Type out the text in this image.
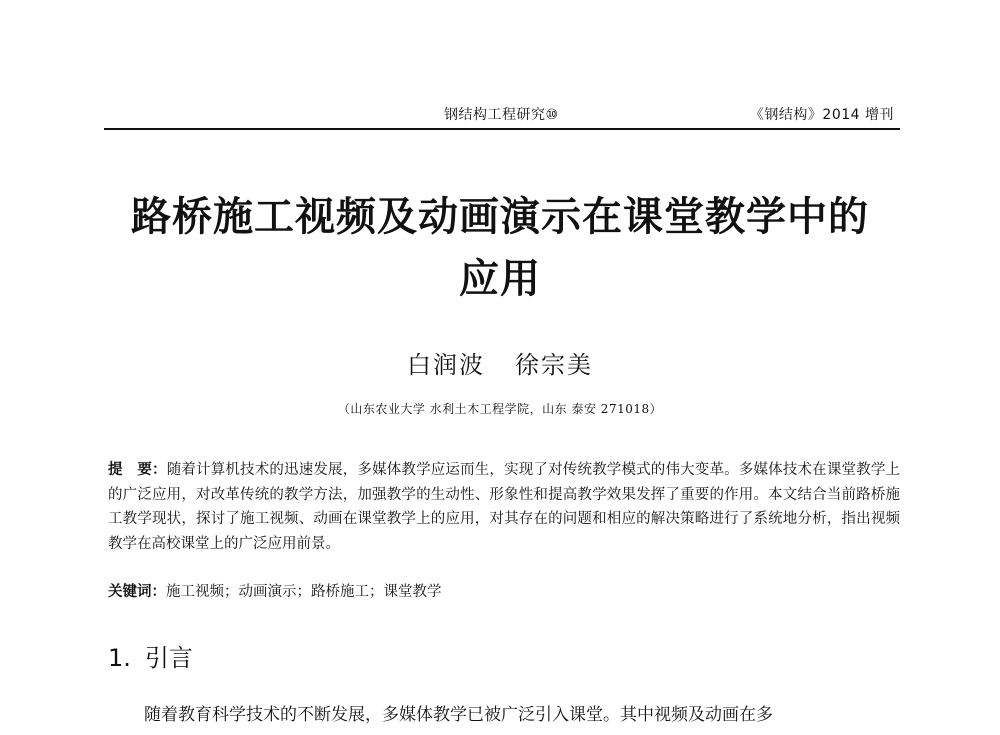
钢结构工程研究⑩	《钢结构》2014 增刊
路桥施工视频及动画演示在课堂教学中的
应用
白润波 徐宗美
（山东农业大学 水利土木工程学院，山东 泰安 271018）
提　要：随着计算机技术的迅速发展，多媒体教学应运而生，实现了对传统教学模式的伟大变革。多媒体技术在课堂教学上的广泛应用，对改革传统的教学方法，加强教学的生动性、形象性和提高教学效果发挥了重要的作用。本文结合当前路桥施工教学现状，探讨了施工视频、动画在课堂教学上的应用，对其存在的问题和相应的解决策略进行了系统地分析，指出视频教学在高校课堂上的广泛应用前景。
关键词：施工视频；动画演示；路桥施工；课堂教学
1. 引言
随着教育科学技术的不断发展，多媒体教学已被广泛引入课堂。其中视频及动画在多
